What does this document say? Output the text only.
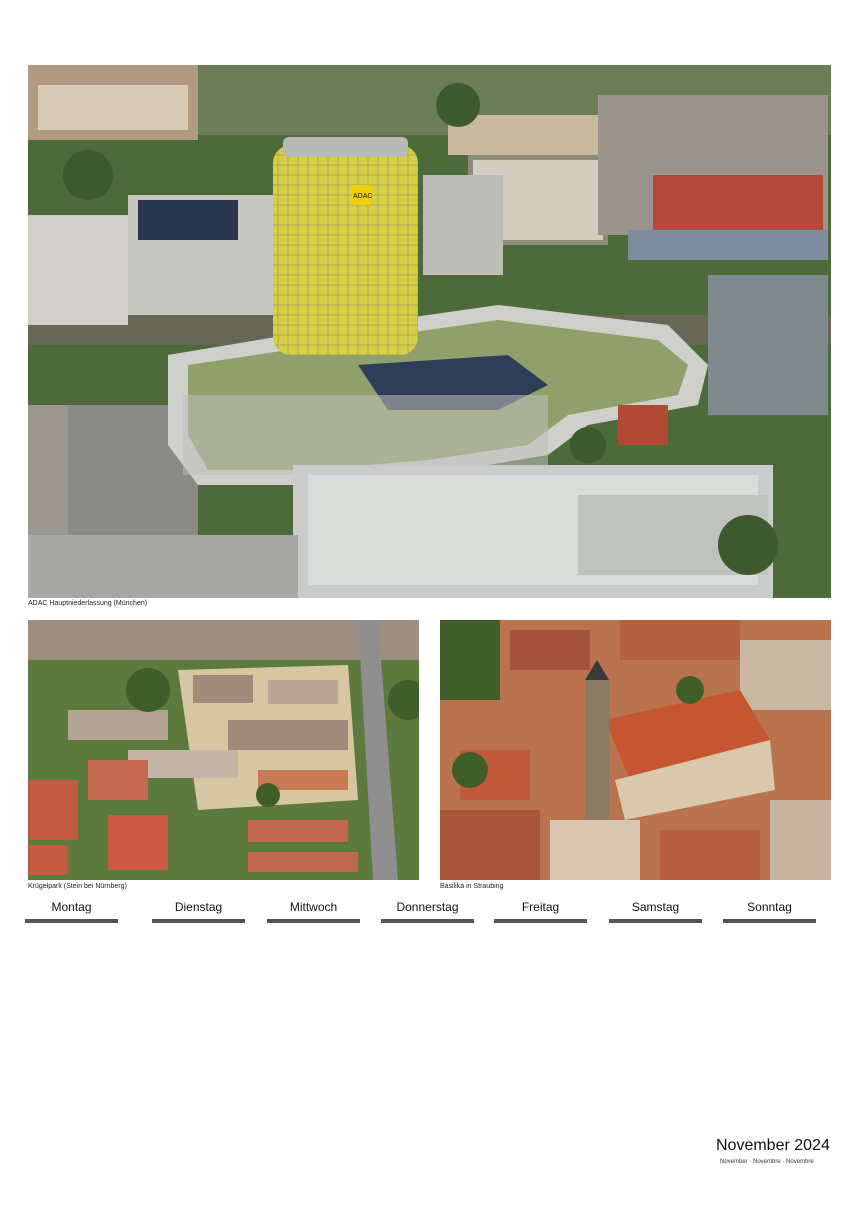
ADAC
ADAC Hauptniederlassung (München)
Krügelpark (Stein bei Nürnberg)	Basilika in Straubing
Montag	Dienstag	Mittwoch	Donnerstag	Freitag	Samstag	Sonntag
November 2024
November · Novembre · Novembre
